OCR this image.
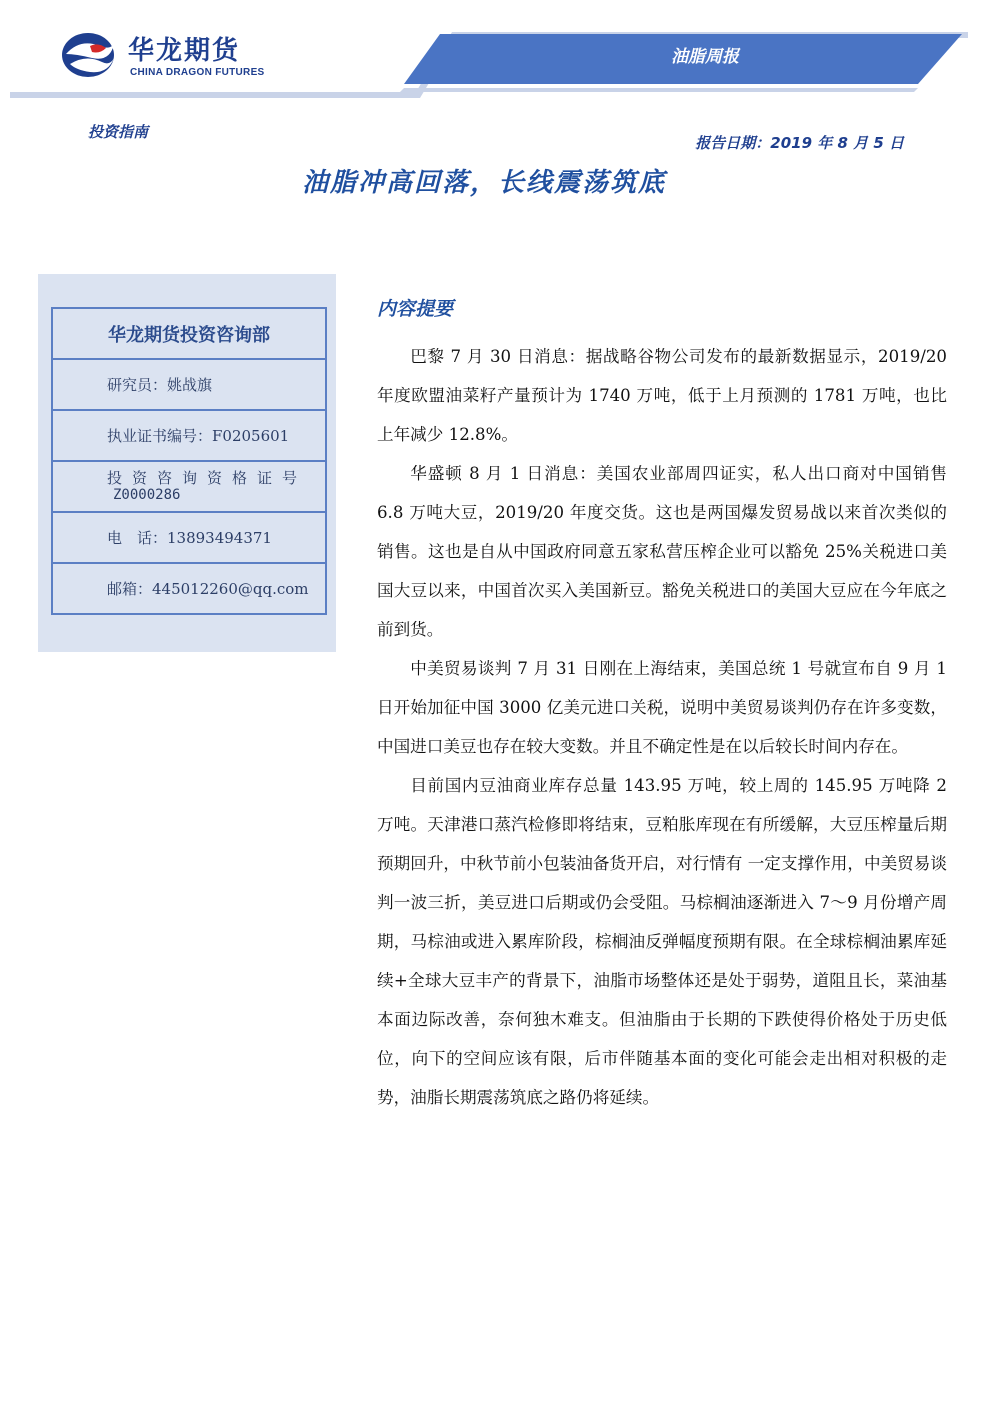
华龙期货
CHINA DRAGON FUTURES
油脂周报
投资指南
报告日期：2019 年 8 月 5 日
油脂冲高回落，长线震荡筑底
华龙期货投资咨询部
研究员：姚战旗
执业证书编号：F0205601
投资咨询资格证号
Z0000286
电　话：13893494371
邮箱：445012260@qq.com
内容提要

巴黎 7 月 30 日消息：据战略谷物公司发布的最新数据显示，2019/20 年度欧盟油菜籽产量预计为 1740 万吨，低于上月预测的 1781 万吨，也比上年减少 12.8%。

华盛顿 8 月 1 日消息：美国农业部周四证实，私人出口商对中国销售 6.8 万吨大豆，2019/20 年度交货。这也是两国爆发贸易战以来首次类似的销售。这也是自从中国政府同意五家私营压榨企业可以豁免 25%关税进口美国大豆以来，中国首次买入美国新豆。豁免关税进口的美国大豆应在今年底之前到货。

中美贸易谈判 7 月 31 日刚在上海结束，美国总统 1 号就宣布自 9 月 1 日开始加征中国 3000 亿美元进口关税，说明中美贸易谈判仍存在许多变数，中国进口美豆也存在较大变数。并且不确定性是在以后较长时间内存在。

目前国内豆油商业库存总量 143.95 万吨，较上周的 145.95 万吨降 2 万吨。天津港口蒸汽检修即将结束，豆粕胀库现在有所缓解，大豆压榨量后期预期回升，中秋节前小包装油备货开启，对行情有 一定支撑作用，中美贸易谈判一波三折，美豆进口后期或仍会受阻。马棕榈油逐渐进入 7～9 月份增产周期，马棕油或进入累库阶段，棕榈油反弹幅度预期有限。在全球棕榈油累库延续+全球大豆丰产的背景下，油脂市场整体还是处于弱势，道阻且长，菜油基本面边际改善，奈何独木难支。但油脂由于长期的下跌使得价格处于历史低位，向下的空间应该有限，后市伴随基本面的变化可能会走出相对积极的走势，油脂长期震荡筑底之路仍将延续。
